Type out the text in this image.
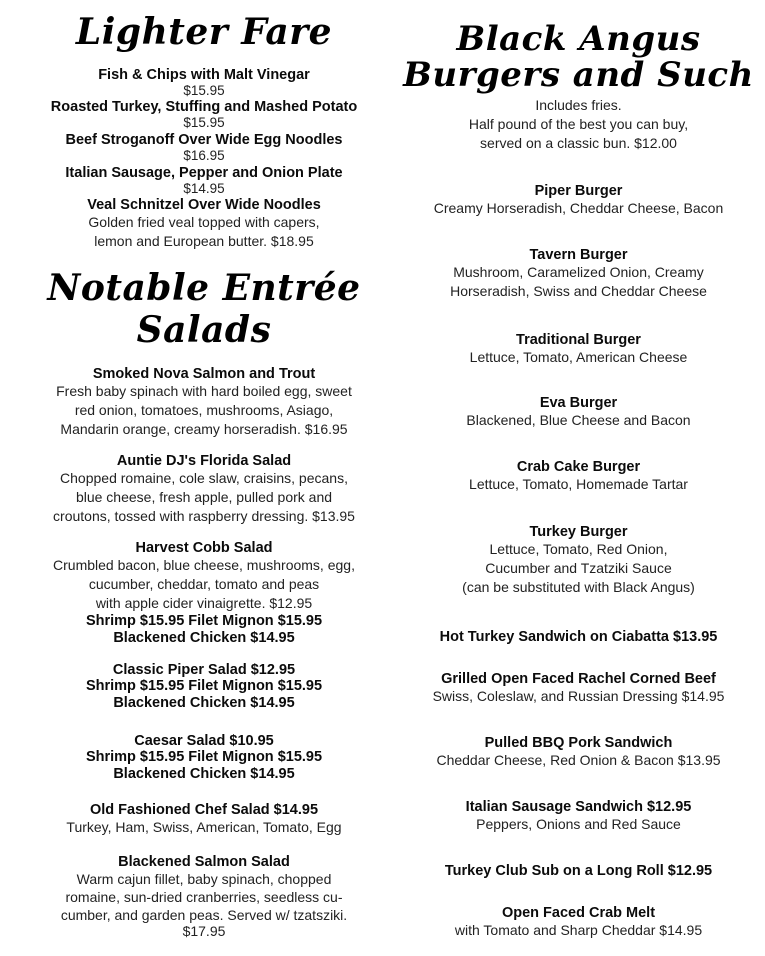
Lighter Fare
Fish & Chips with Malt Vinegar
$15.95
Roasted Turkey, Stuffing and Mashed Potato
$15.95
Beef Stroganoff Over Wide Egg Noodles
$16.95
Italian Sausage, Pepper and Onion Plate
$14.95
Veal Schnitzel Over Wide Noodles
Golden fried veal topped with capers,
lemon and European butter. $18.95
Notable Entrée
Salads
Smoked Nova Salmon and Trout
Fresh baby spinach with hard boiled egg, sweet
red onion, tomatoes, mushrooms, Asiago,
Mandarin orange, creamy horseradish. $16.95
Auntie DJ's Florida Salad
Chopped romaine, cole slaw, craisins, pecans,
blue cheese, fresh apple, pulled pork and
croutons, tossed with raspberry dressing. $13.95
Harvest Cobb Salad
Crumbled bacon, blue cheese, mushrooms, egg,
cucumber, cheddar, tomato and peas
with apple cider vinaigrette. $12.95
Shrimp $15.95 Filet Mignon $15.95
Blackened Chicken $14.95
Classic Piper Salad $12.95
Shrimp $15.95 Filet Mignon $15.95
Blackened Chicken $14.95
Caesar Salad $10.95
Shrimp $15.95 Filet Mignon $15.95
Blackened Chicken $14.95
Old Fashioned Chef Salad $14.95
Turkey, Ham, Swiss, American, Tomato, Egg
Blackened Salmon Salad
Warm cajun fillet, baby spinach, chopped
romaine, sun-dried cranberries, seedless cu-
cumber, and garden peas. Served w/ tzatsziki.
$17.95
Black Angus
Burgers and Such
Includes fries.
Half pound of the best you can buy,
served on a classic bun. $12.00
Piper Burger
Creamy Horseradish, Cheddar Cheese, Bacon
Tavern Burger
Mushroom, Caramelized Onion, Creamy
Horseradish, Swiss and Cheddar Cheese
Traditional Burger
Lettuce, Tomato, American Cheese
Eva Burger
Blackened, Blue Cheese and Bacon
Crab Cake Burger
Lettuce, Tomato, Homemade Tartar
Turkey Burger
Lettuce, Tomato, Red Onion,
Cucumber and Tzatziki Sauce
(can be substituted with Black Angus)
Hot Turkey Sandwich on Ciabatta $13.95
Grilled Open Faced Rachel Corned Beef
Swiss, Coleslaw, and Russian Dressing $14.95
Pulled BBQ Pork Sandwich
Cheddar Cheese, Red Onion & Bacon $13.95
Italian Sausage Sandwich $12.95
Peppers, Onions and Red Sauce
Turkey Club Sub on a Long Roll $12.95
Open Faced Crab Melt
with Tomato and Sharp Cheddar $14.95
